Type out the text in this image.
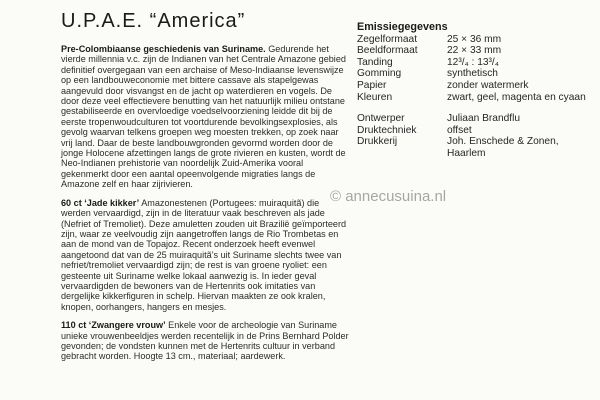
U.P.A.E. “America”

Pre-Colombiaanse geschiedenis van Suriname. Gedurende het vierde millennia v.c. zijn de Indianen van het Centrale Amazone gebied definitief overgegaan van een archaise of Meso-Indiaanse levenswijze op een landbouweconomie met bittere cassave als stapelgewas aangevuld door visvangst en de jacht op waterdieren en vogels. De door deze veel effectievere benutting van het natuurlijk milieu ontstane gestabiliseerde en overvloedige voedselvoorziening leidde dit bij de eerste tropenwoudculturen tot voortdurende bevolkingsexplosies, als gevolg waarvan telkens groepen weg moesten trekken, op zoek naar vrij land. Daar de beste landbouwgronden gevormd worden door de jonge Holocene afzettingen langs de grote rivieren en kusten, wordt de Neo-Indianen prehistorie van noordelijk Zuid-Amerika vooral gekenmerkt door een aantal opeenvolgende migraties langs de Amazone zelf en haar zijrivieren.

60 ct ‘Jade kikker’ Amazonestenen (Portugees: muiraquitã) die werden vervaardigd, zijn in de literatuur vaak beschreven als jade (Nefriet of Tremoliet). Deze amuletten zouden uit Brazilië geïmporteerd zijn, waar ze veelvoudig zijn aangetroffen langs de Rio Trombetas en aan de mond van de Topajoz. Recent onderzoek heeft evenwel aangetoond dat van de 25 muiraquitã’s uit Suriname slechts twee van nefriet/tremoliet vervaardigd zijn; de rest is van groene ryoliet: een gesteente uit Suriname welke lokaal aanwezig is. In ieder geval vervaardigden de bewoners van de Hertenrits ook imitaties van dergelijke kikkerfiguren in schelp. Hiervan maakten ze ook kralen, knopen, oorhangers, hangers en mesjes.

110 ct ‘Zwangere vrouw’ Enkele voor de archeologie van Suriname unieke vrouwenbeeldjes werden recentelijk in de Prins Bernhard Polder gevonden; de vondsten kunnen met de Hertenrits cultuur in verband gebracht worden. Hoogte 13 cm., materiaal; aardewerk.

Emissiegegevens
Zegelformaat	25 × 36 mm
Beeldformaat	22 × 33 mm
Tanding	12³/₄ : 13³/₄
Gomming	synthetisch
Papier	zonder watermerk
Kleuren	zwart, geel, magenta en cyaan
Ontwerper	Juliaan Brandflu
Druktechniek	offset
Drukkerij	Joh. Enschede & Zonen, Haarlem
© annecusuina.nl
